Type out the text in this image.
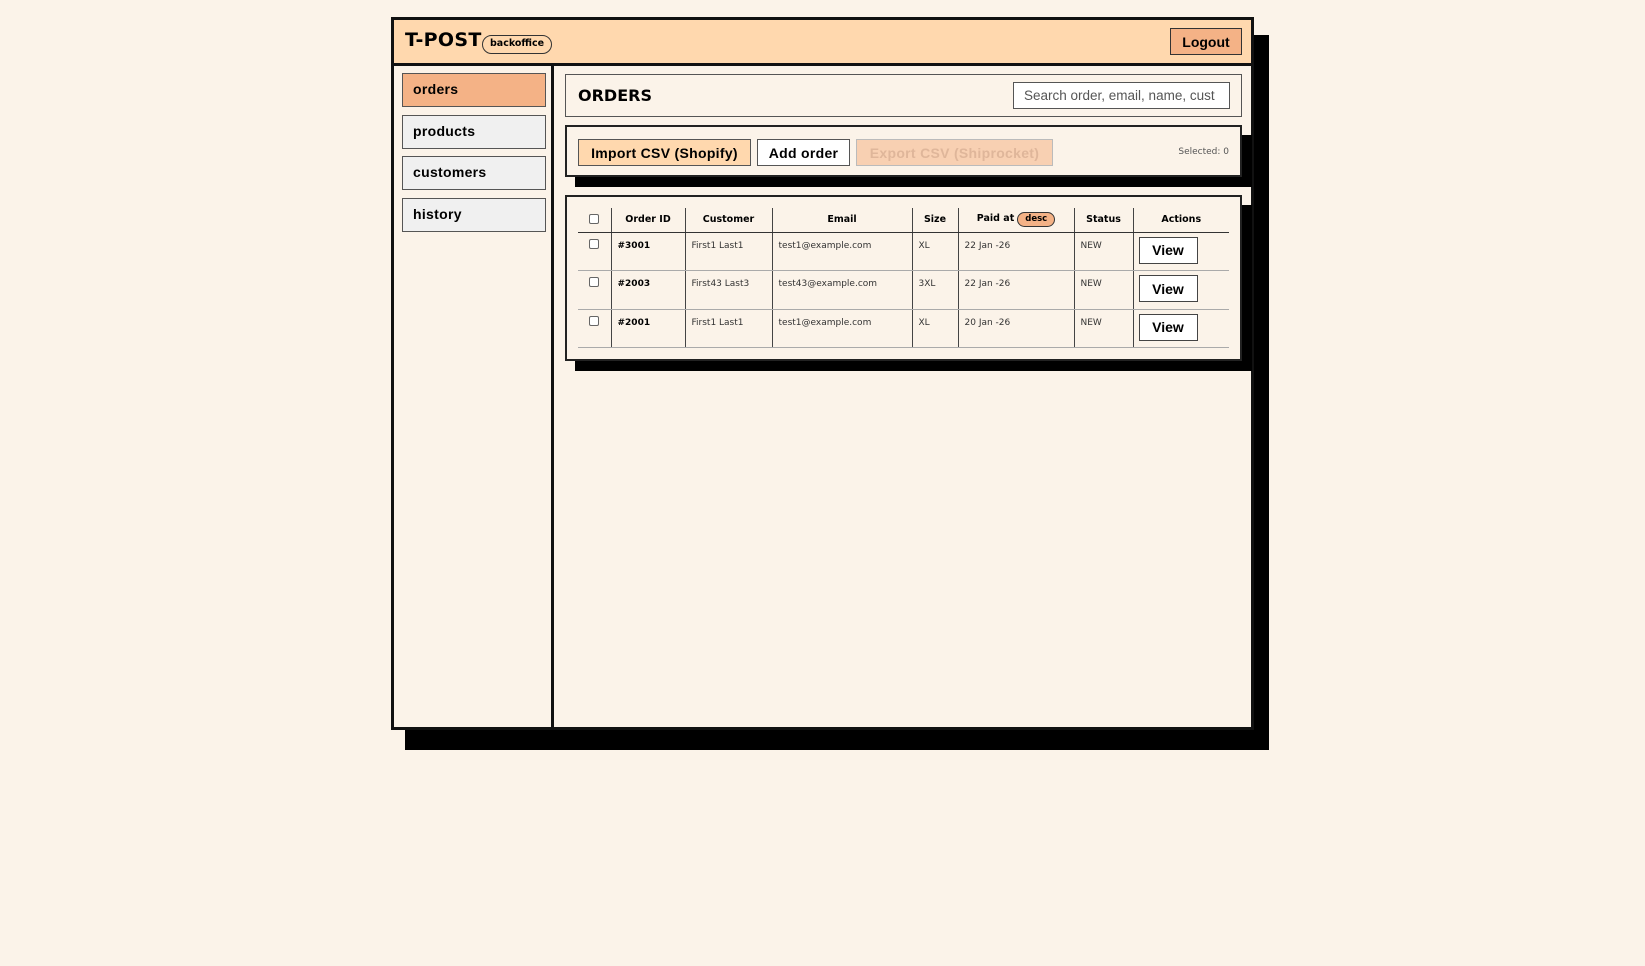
T-POST backoffice	Logout
orders
products
customers
history
ORDERS
Search order, email, name, cust
Import CSV (Shopify)	Add order	Export CSV (Shiprocket)	Selected: 0
	Order ID	Customer	Email	Size	Paid at desc	Status	Actions
	#3001	First1 Last1	test1@example.com	XL	22 Jan -26	NEW	View
	#2003	First43 Last3	test43@example.com	3XL	22 Jan -26	NEW	View
	#2001	First1 Last1	test1@example.com	XL	20 Jan -26	NEW	View
